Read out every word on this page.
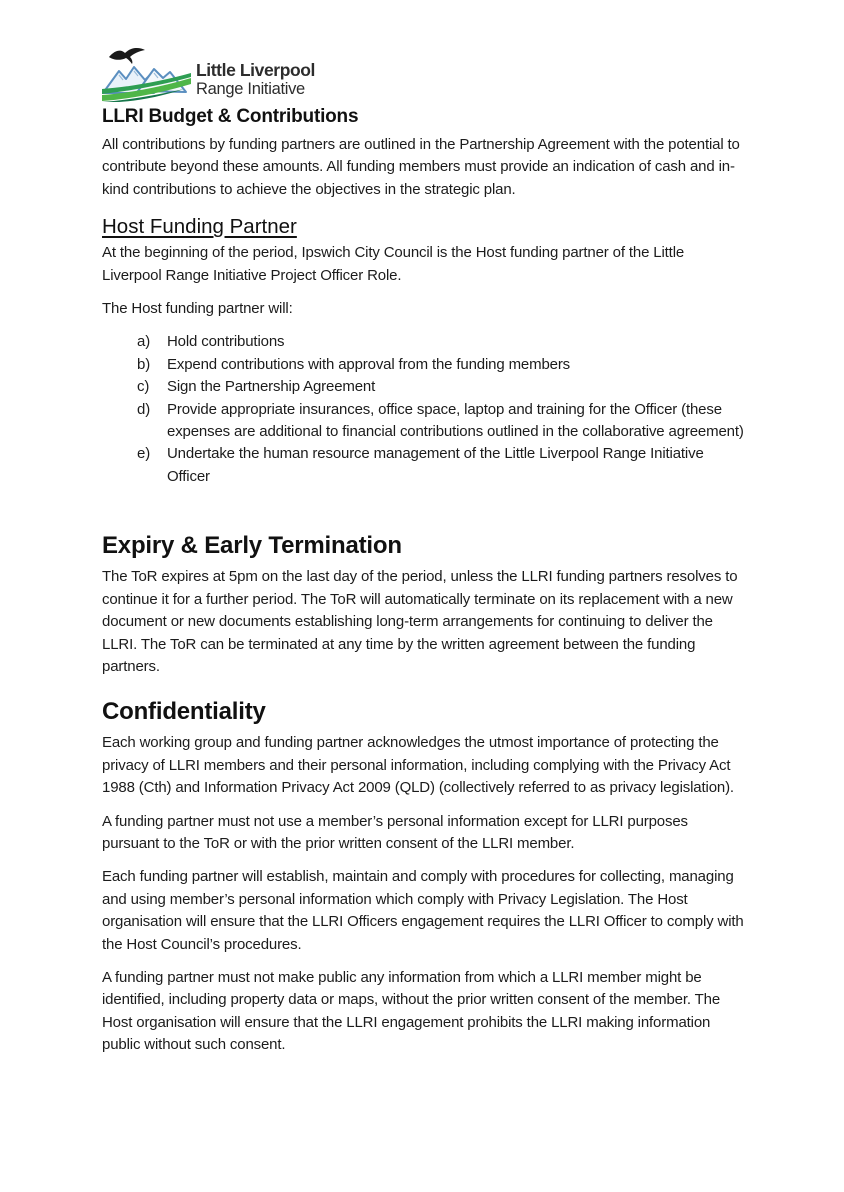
Little Liverpool
Range Initiative
LLRI Budget & Contributions

All contributions by funding partners are outlined in the Partnership Agreement with the potential to contribute beyond these amounts. All funding members must provide an indication of cash and in-kind contributions to achieve the objectives in the strategic plan.

Host Funding Partner

At the beginning of the period, Ipswich City Council is the Host funding partner of the Little Liverpool Range Initiative Project Officer Role.

The Host funding partner will:

a)	Hold contributions
b)	Expend contributions with approval from the funding members
c)	Sign the Partnership Agreement
d)	Provide appropriate insurances, office space, laptop and training for the Officer (these expenses are additional to financial contributions outlined in the collaborative agreement)
e)	Undertake the human resource management of the Little Liverpool Range Initiative Officer
Expiry & Early Termination

The ToR expires at 5pm on the last day of the period, unless the LLRI funding partners resolves to continue it for a further period. The ToR will automatically terminate on its replacement with a new document or new documents establishing long-term arrangements for continuing to deliver the LLRI. The ToR can be terminated at any time by the written agreement between the funding partners.

Confidentiality

Each working group and funding partner acknowledges the utmost importance of protecting the privacy of LLRI members and their personal information, including complying with the Privacy Act 1988 (Cth) and Information Privacy Act 2009 (QLD) (collectively referred to as privacy legislation).

A funding partner must not use a member’s personal information except for LLRI purposes pursuant to the ToR or with the prior written consent of the LLRI member.

Each funding partner will establish, maintain and comply with procedures for collecting, managing and using member’s personal information which comply with Privacy Legislation. The Host organisation will ensure that the LLRI Officers engagement requires the LLRI Officer to comply with the Host Council’s procedures.

A funding partner must not make public any information from which a LLRI member might be identified, including property data or maps, without the prior written consent of the member. The Host organisation will ensure that the LLRI engagement prohibits the LLRI making information public without such consent.
